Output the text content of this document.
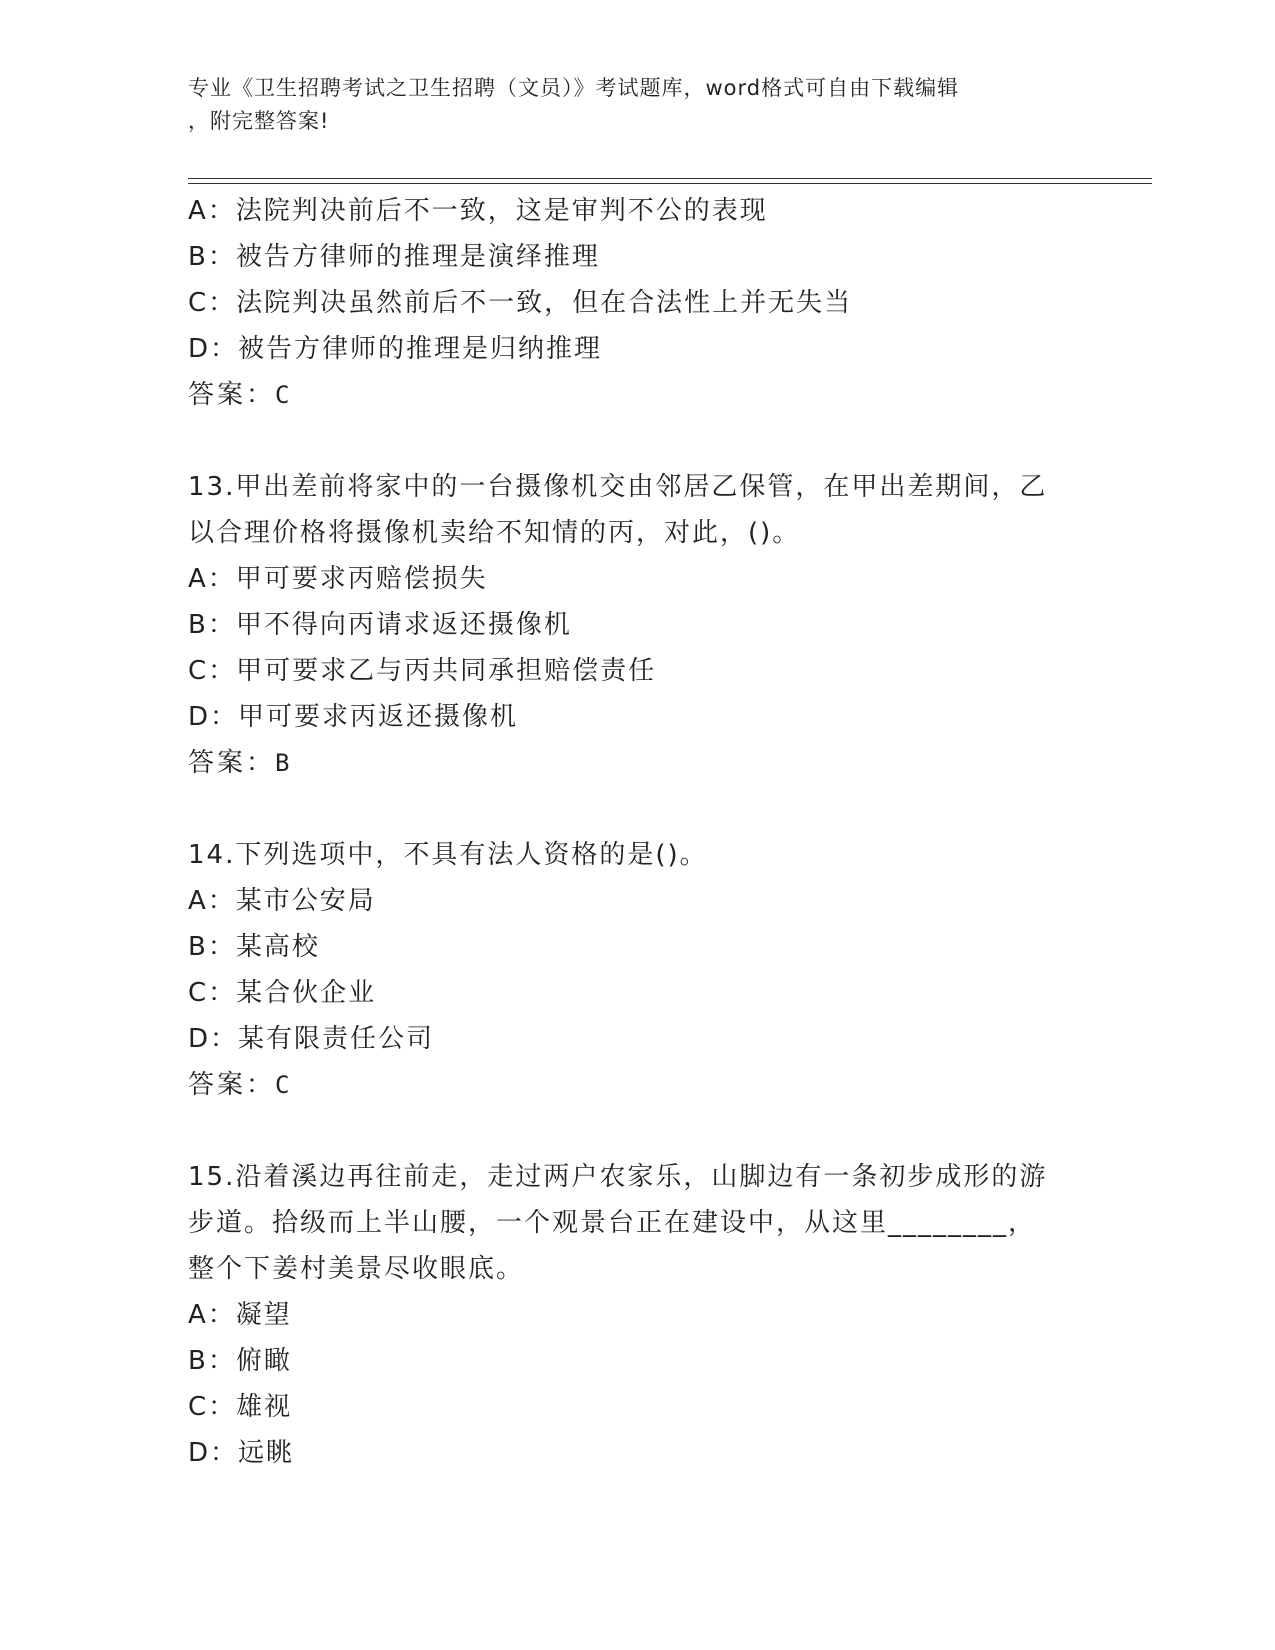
专业《卫生招聘考试之卫生招聘（文员）》考试题库，word格式可自由下载编辑
，附完整答案!
A：法院判决前后不一致，这是审判不公的表现
B：被告方律师的推理是演绎推理
C：法院判决虽然前后不一致，但在合法性上并无失当
D：被告方律师的推理是归纳推理
答案：C
13.甲出差前将家中的一台摄像机交由邻居乙保管，在甲出差期间，乙
以合理价格将摄像机卖给不知情的丙，对此，()。
A：甲可要求丙赔偿损失
B：甲不得向丙请求返还摄像机
C：甲可要求乙与丙共同承担赔偿责任
D：甲可要求丙返还摄像机
答案：B
14.下列选项中，不具有法人资格的是()。
A：某市公安局
B：某高校
C：某合伙企业
D：某有限责任公司
答案：C
15.沿着溪边再往前走，走过两户农家乐，山脚边有一条初步成形的游
步道。拾级而上半山腰，一个观景台正在建设中，从这里________，
整个下姜村美景尽收眼底。
A：凝望
B：俯瞰
C：雄视
D：远眺
